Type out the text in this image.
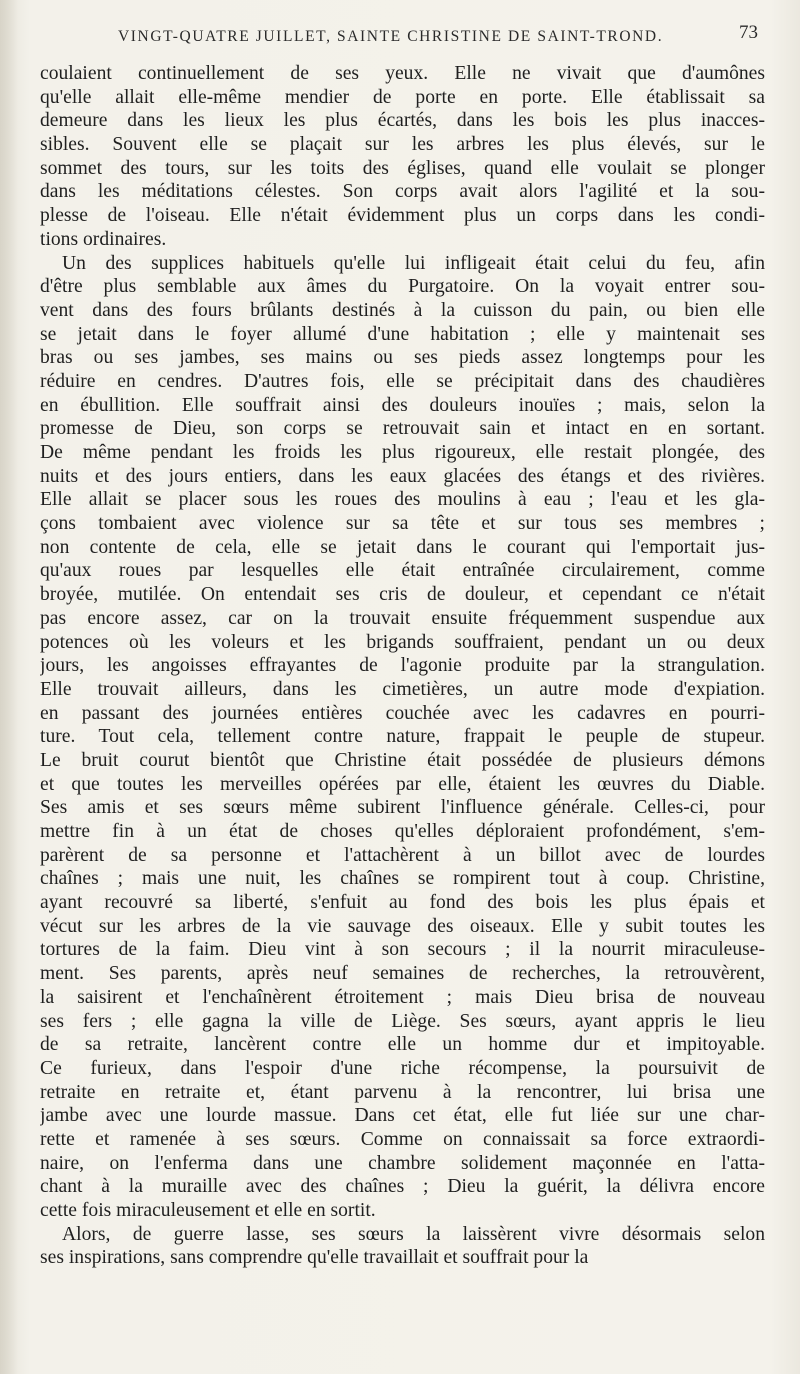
VINGT-QUATRE JUILLET, SAINTE CHRISTINE DE SAINT-TROND.	73
coulaient continuellement de ses yeux. Elle ne vivait que d'aumônes
qu'elle allait elle-même mendier de porte en porte. Elle établissait sa
demeure dans les lieux les plus écartés, dans les bois les plus inacces-
sibles. Souvent elle se plaçait sur les arbres les plus élevés, sur le
sommet des tours, sur les toits des églises, quand elle voulait se plonger
dans les méditations célestes. Son corps avait alors l'agilité et la sou-
plesse de l'oiseau. Elle n'était évidemment plus un corps dans les condi-
tions ordinaires.
Un des supplices habituels qu'elle lui infligeait était celui du feu, afin
d'être plus semblable aux âmes du Purgatoire. On la voyait entrer sou-
vent dans des fours brûlants destinés à la cuisson du pain, ou bien elle
se jetait dans le foyer allumé d'une habitation ; elle y maintenait ses
bras ou ses jambes, ses mains ou ses pieds assez longtemps pour les
réduire en cendres. D'autres fois, elle se précipitait dans des chaudières
en ébullition. Elle souffrait ainsi des douleurs inouïes ; mais, selon la
promesse de Dieu, son corps se retrouvait sain et intact en en sortant.
De même pendant les froids les plus rigoureux, elle restait plongée, des
nuits et des jours entiers, dans les eaux glacées des étangs et des rivières.
Elle allait se placer sous les roues des moulins à eau ; l'eau et les gla-
çons tombaient avec violence sur sa tête et sur tous ses membres ;
non contente de cela, elle se jetait dans le courant qui l'emportait jus-
qu'aux roues par lesquelles elle était entraînée circulairement, comme
broyée, mutilée. On entendait ses cris de douleur, et cependant ce n'était
pas encore assez, car on la trouvait ensuite fréquemment suspendue aux
potences où les voleurs et les brigands souffraient, pendant un ou deux
jours, les angoisses effrayantes de l'agonie produite par la strangulation.
Elle trouvait ailleurs, dans les cimetières, un autre mode d'expiation.
en passant des journées entières couchée avec les cadavres en pourri-
ture. Tout cela, tellement contre nature, frappait le peuple de stupeur.
Le bruit courut bientôt que Christine était possédée de plusieurs démons
et que toutes les merveilles opérées par elle, étaient les œuvres du Diable.
Ses amis et ses sœurs même subirent l'influence générale. Celles-ci, pour
mettre fin à un état de choses qu'elles déploraient profondément, s'em-
parèrent de sa personne et l'attachèrent à un billot avec de lourdes
chaînes ; mais une nuit, les chaînes se rompirent tout à coup. Christine,
ayant recouvré sa liberté, s'enfuit au fond des bois les plus épais et
vécut sur les arbres de la vie sauvage des oiseaux. Elle y subit toutes les
tortures de la faim. Dieu vint à son secours ; il la nourrit miraculeuse-
ment. Ses parents, après neuf semaines de recherches, la retrouvèrent,
la saisirent et l'enchaînèrent étroitement ; mais Dieu brisa de nouveau
ses fers ; elle gagna la ville de Liège. Ses sœurs, ayant appris le lieu
de sa retraite, lancèrent contre elle un homme dur et impitoyable.
Ce furieux, dans l'espoir d'une riche récompense, la poursuivit de
retraite en retraite et, étant parvenu à la rencontrer, lui brisa une
jambe avec une lourde massue. Dans cet état, elle fut liée sur une char-
rette et ramenée à ses sœurs. Comme on connaissait sa force extraordi-
naire, on l'enferma dans une chambre solidement maçonnée en l'atta-
chant à la muraille avec des chaînes ; Dieu la guérit, la délivra encore
cette fois miraculeusement et elle en sortit.
Alors, de guerre lasse, ses sœurs la laissèrent vivre désormais selon
ses inspirations, sans comprendre qu'elle travaillait et souffrait pour la
